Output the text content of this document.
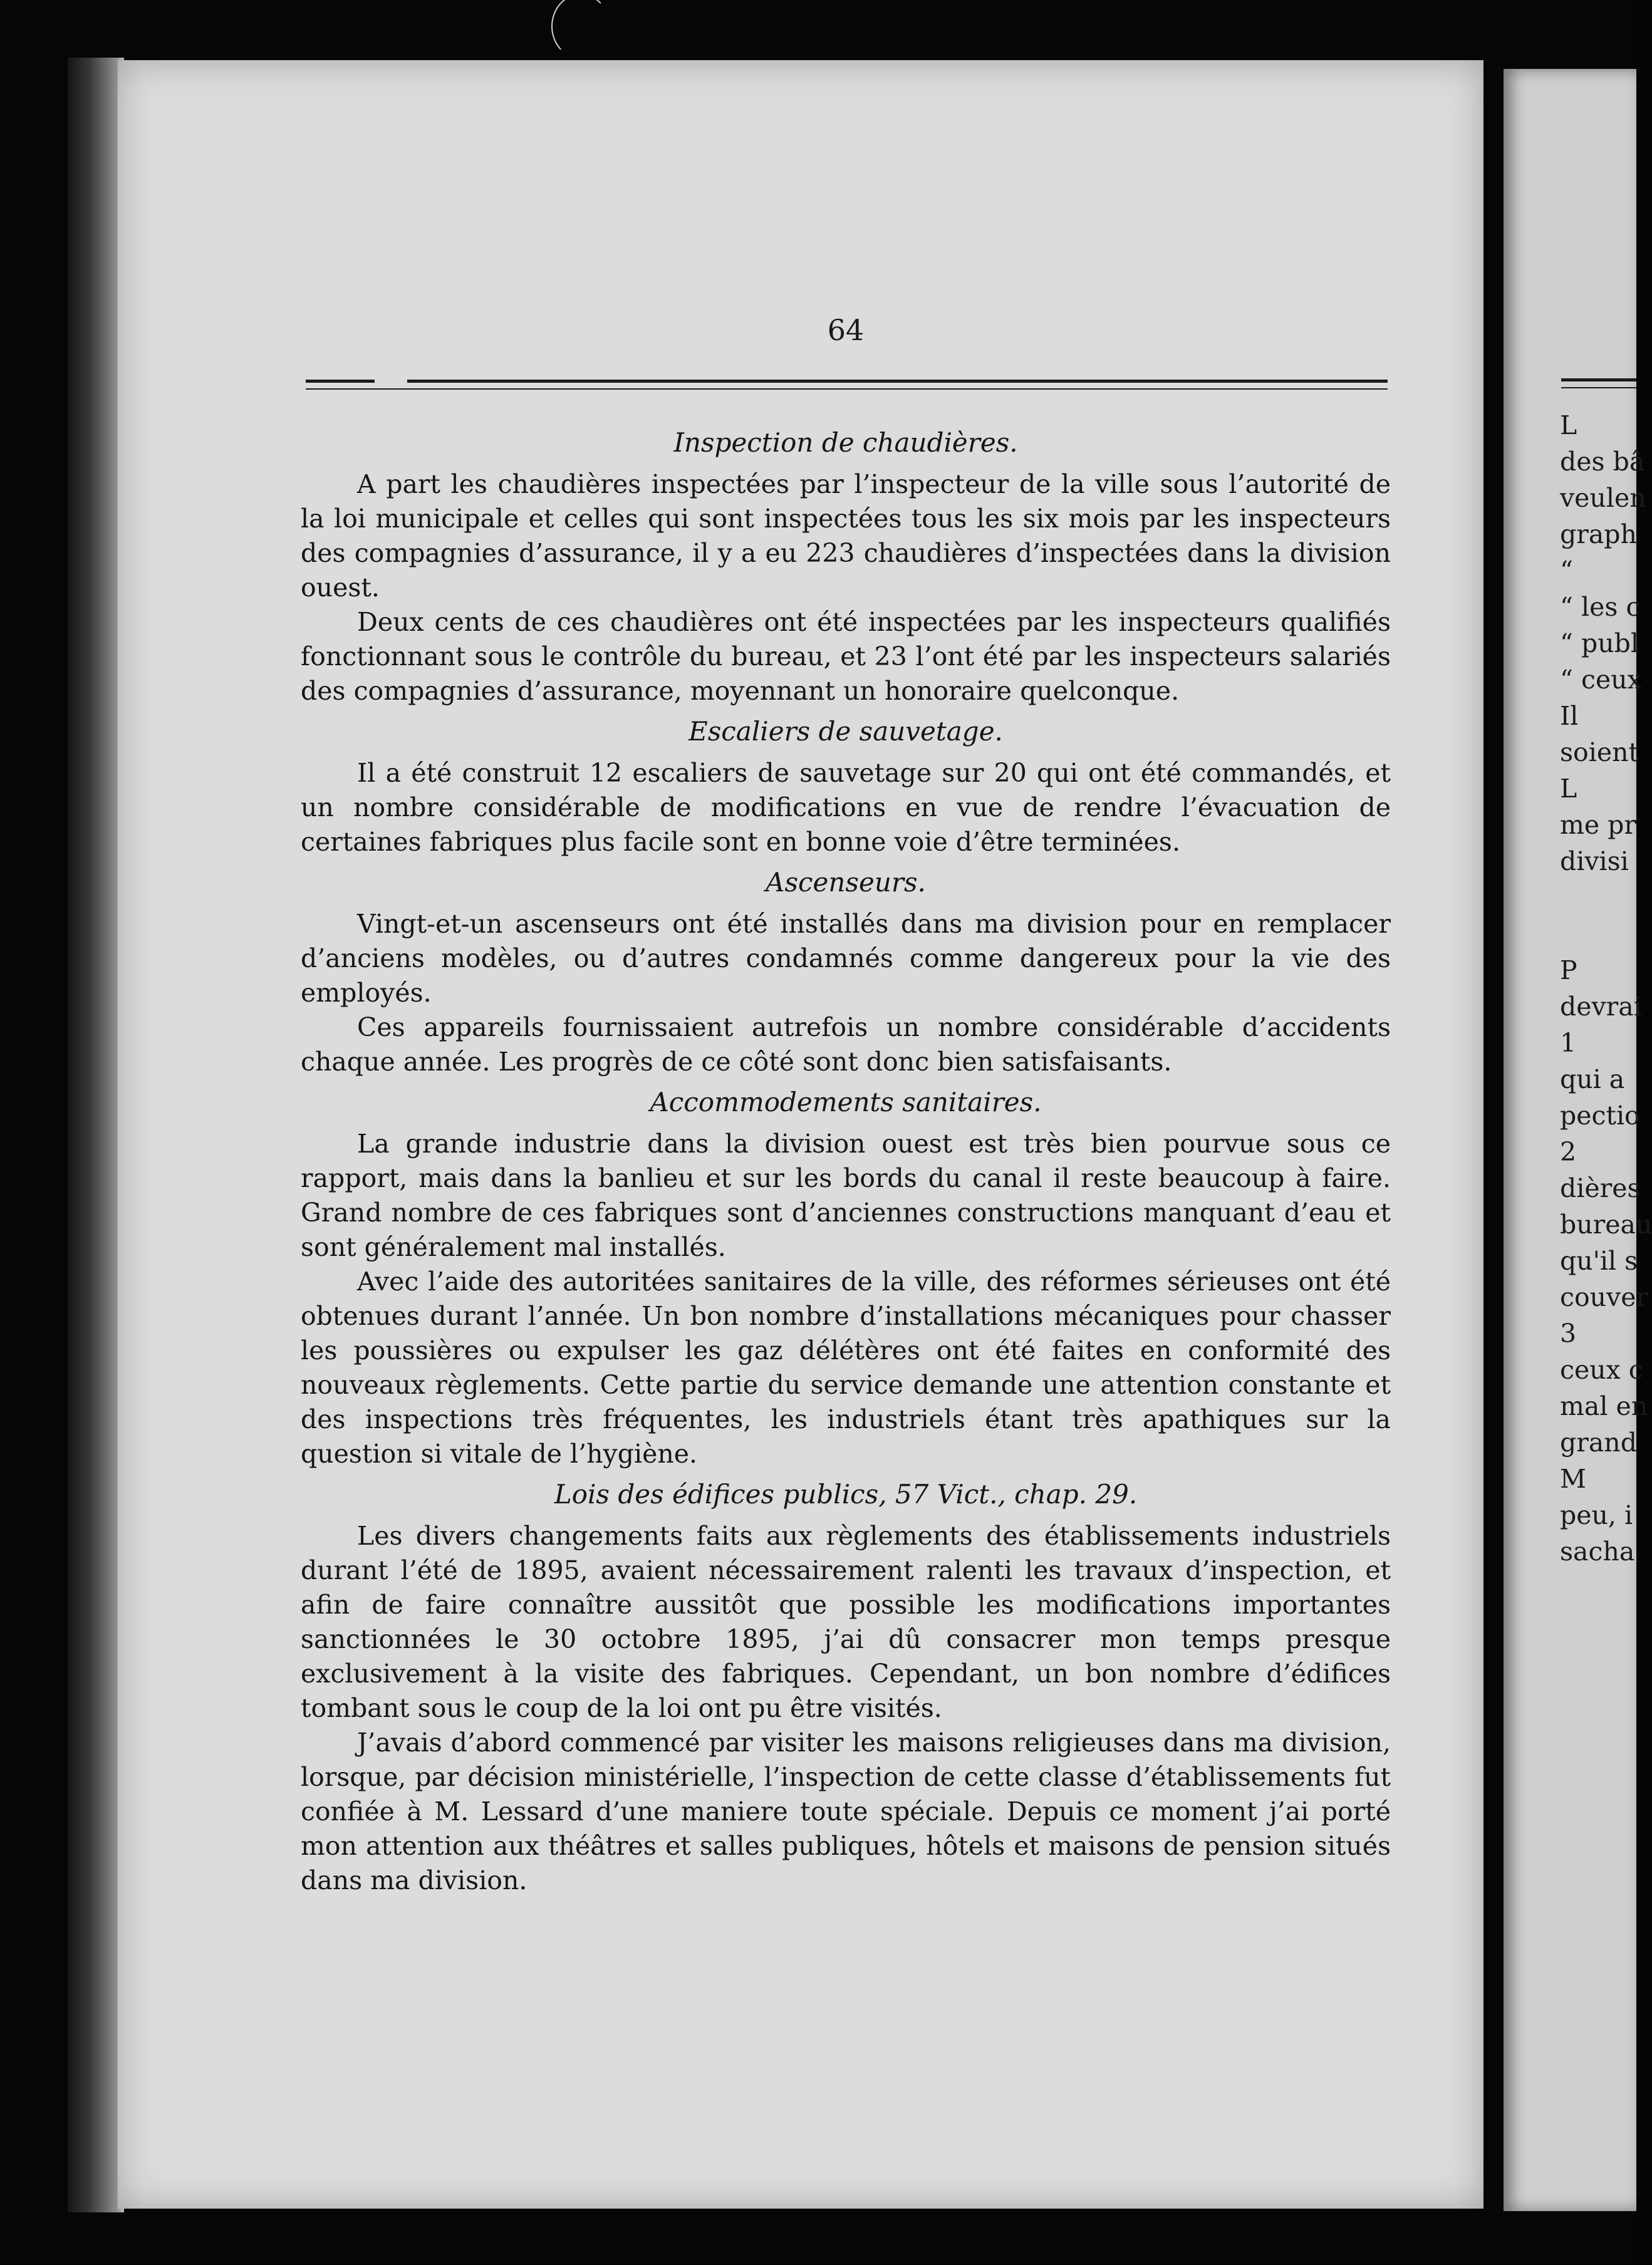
L
des bâ
veulen
graph
“
“ les c
“ publ
“ ceux
Il
soient
L
me pr
divisi
P
devrai
1
qui a
pectio
2
dières
bureau
qu'il s
couver
3
ceux c
mal en
grand
M
peu, i
sacha
64
Inspection de chaudières.

A part les chaudières inspectées par l’inspecteur de la ville sous l’autorité de la loi municipale et celles qui sont inspectées tous les six mois par les inspecteurs des compagnies d’assurance, il y a eu 223 chaudières d’inspectées dans la division ouest.

Deux cents de ces chaudières ont été inspectées par les inspecteurs qualifiés fonctionnant sous le contrôle du bureau, et 23 l’ont été par les inspecteurs salariés des compagnies d’assurance, moyennant un honoraire quelconque.

Escaliers de sauvetage.

Il a été construit 12 escaliers de sauvetage sur 20 qui ont été commandés, et un nombre considérable de modifications en vue de rendre l’évacuation de certaines fabriques plus facile sont en bonne voie d’être terminées.

Ascenseurs.

Vingt-et-un ascenseurs ont été installés dans ma division pour en remplacer d’anciens modèles, ou d’autres condamnés comme dangereux pour la vie des employés.

Ces appareils fournissaient autrefois un nombre considérable d’accidents chaque année. Les progrès de ce côté sont donc bien satisfaisants.

Accommodements sanitaires.

La grande industrie dans la division ouest est très bien pourvue sous ce rapport, mais dans la banlieu et sur les bords du canal il reste beaucoup à faire. Grand nombre de ces fabriques sont d’anciennes constructions manquant d’eau et sont généralement mal installés.

Avec l’aide des autoritées sanitaires de la ville, des réformes sérieuses ont été obtenues durant l’année. Un bon nombre d’installations mécaniques pour chasser les poussières ou expulser les gaz délétères ont été faites en conformité des nouveaux règlements. Cette partie du service demande une attention constante et des inspections très fréquentes, les industriels étant très apathiques sur la question si vitale de l’hygiène.

Lois des édifices publics, 57 Vict., chap. 29.

Les divers changements faits aux règlements des établissements industriels durant l’été de 1895, avaient nécessairement ralenti les travaux d’inspection, et afin de faire connaître aussitôt que possible les modifications importantes sanctionnées le 30 octobre 1895, j’ai dû consacrer mon temps presque exclusivement à la visite des fabriques. Cependant, un bon nombre d’édifices tombant sous le coup de la loi ont pu être visités.

J’avais d’abord commencé par visiter les maisons religieuses dans ma division, lorsque, par décision ministérielle, l’inspection de cette classe d’établissements fut confiée à M. Lessard d’une maniere toute spéciale. Depuis ce moment j’ai porté mon attention aux théâtres et salles publiques, hôtels et maisons de pension situés dans ma division.
